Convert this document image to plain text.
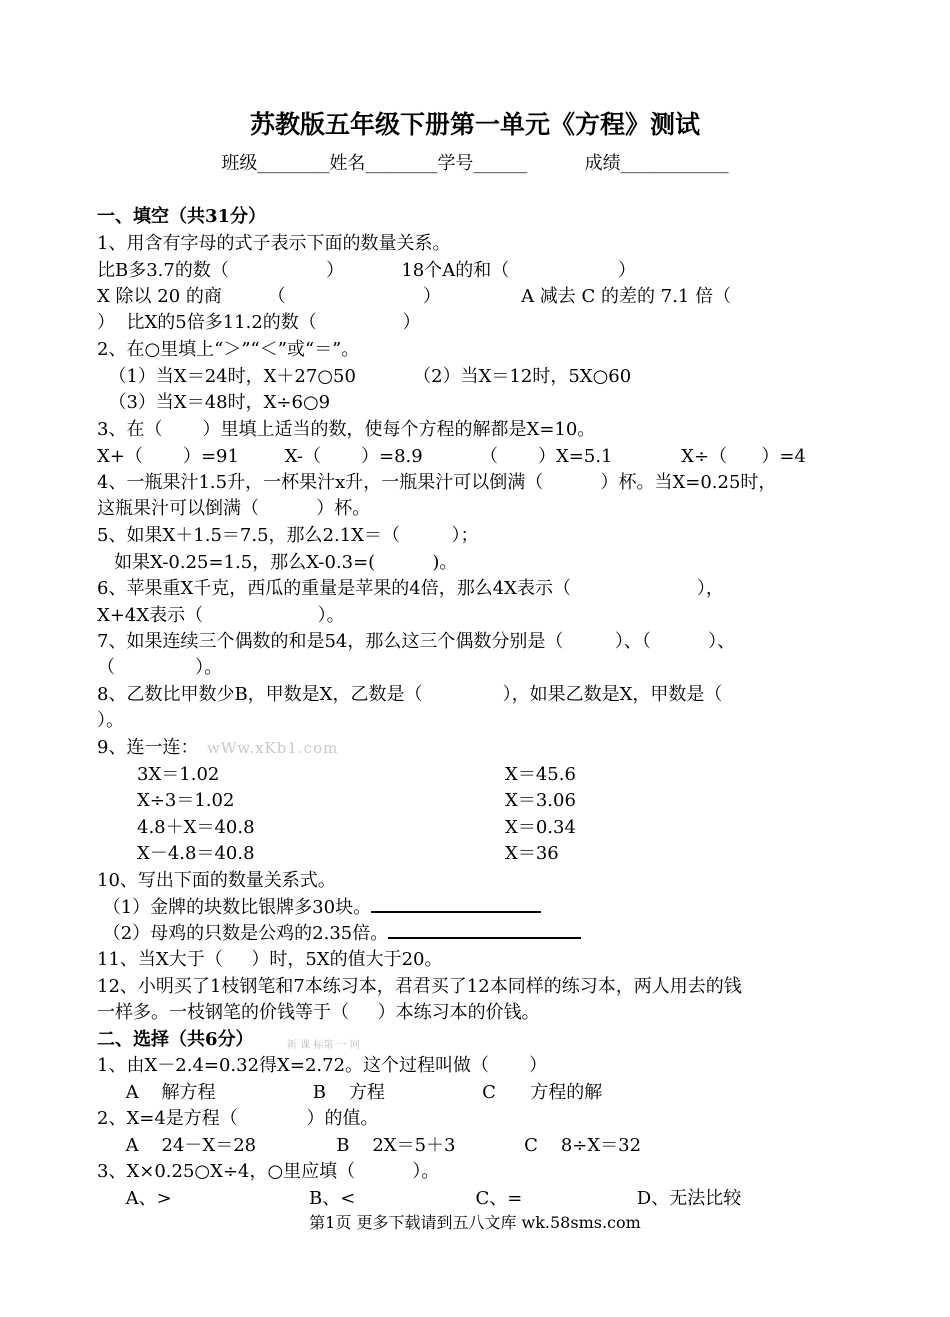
苏教版五年级下册第一单元《方程》测试
班级________姓名________学号______          成绩____________
一、填空（共31分）
1、用含有字母的式子表示下面的数量关系。
比B多3.7的数（                 ）          18个A的和（                   ）
X 除以 20 的商        （                        ）              A 减去 C 的差的 7.1 倍（
）  比X的5倍多11.2的数（               ）
2、在○里填上“＞”“＜”或“＝”。
（1）当X＝24时，X＋27○50          （2）当X＝12时，5X○60
（3）当X＝48时，X÷6○9
3、在（       ）里填上适当的数，使每个方程的解都是X=10。
X+（       ）=91        X-（       ）=8.9          （       ）X=5.1            X÷（      ）=4
4、一瓶果汁1.5升，一杯果汁x升，一瓶果汁可以倒满（          ）杯。当X=0.25时，
这瓶果汁可以倒满（          ）杯。
5、如果X＋1.5＝7.5，那么2.1X＝（         ）；
如果X-0.25=1.5，那么X-0.3=(          )。
6、苹果重X千克，西瓜的重量是苹果的4倍，那么4X表示（                      ），
X+4X表示（                    ）。
7、如果连续三个偶数的和是54，那么这三个偶数分别是（         ）、（          ）、
（              ）。
8、乙数比甲数少B，甲数是X，乙数是（              ），如果乙数是X，甲数是（
）。
9、连一连： wWw.xKb1.com
3X＝1.02
X÷3＝1.02
4.8＋X＝40.8
X－4.8＝40.8
X＝45.6
X＝3.06
X＝0.34
X＝36
10、写出下面的数量关系式。
（1）金牌的块数比银牌多30块。
（2）母鸡的只数是公鸡的2.35倍。
11、当X大于（     ）时，5X的值大于20。
12、小明买了1枝钢笔和7本练习本，君君买了12本同样的练习本，两人用去的钱
一样多。一枝钢笔的价钱等于（     ）本练习本的价钱。
二、选择（共6分）	新 课 标第 一 网
1、由X－2.4=0.32得X=2.72。这个过程叫做（       ）
A    解方程                 B    方程                 C      方程的解
2、X=4是方程（            ）的值。
A    24－X＝28              B    2X＝5＋3            C    8÷X＝32
3、X×0.25○X÷4，○里应填（          ）。
A、>                        B、<                     C、=                    D、无法比较
第1页 更多下载请到五八文库 wk.58sms.com
